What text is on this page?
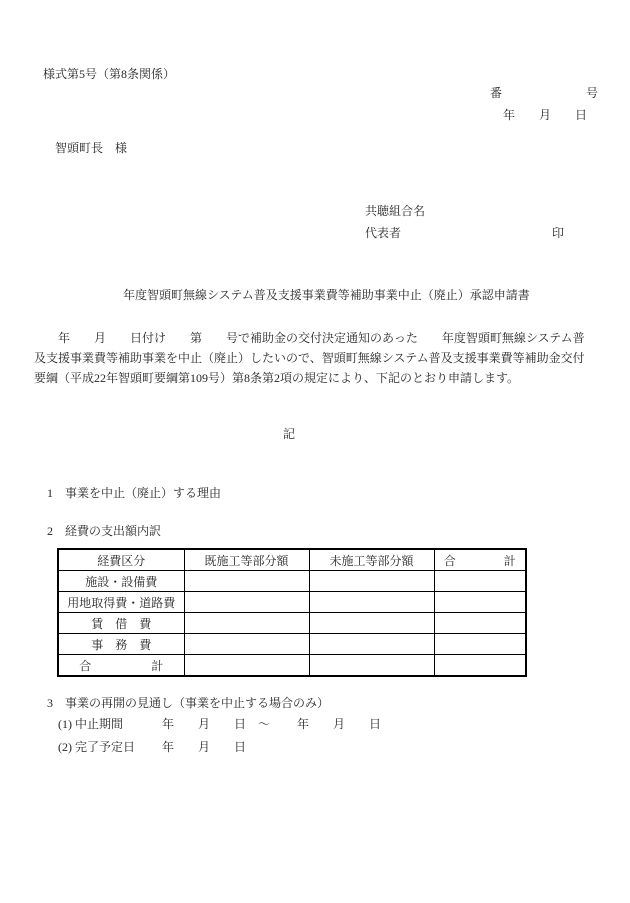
様式第5号（第8条関係）
番　　　　　　　号
年　　月　　日
智頭町長　様
共聴組合名
代表者	印
年度智頭町無線システム普及支援事業費等補助事業中止（廃止）承認申請書
　　年　　月　　日付け　　第　　号で補助金の交付決定通知のあった　　年度智頭町無線システム普
及支援事業費等補助事業を中止（廃止）したいので、智頭町無線システム普及支援事業費等補助金交付
要綱（平成22年智頭町要綱第109号）第8条第2項の規定により、下記のとおり申請します。
記
1　事業を中止（廃止）する理由
2　経費の支出額内訳
経費区分	既施工等部分額	未施工等部分額	合　　　　計
施設・設備費			
用地取得費・道路費			
賃　借　費			
事　務　費			
合　　　　　計			
3　事業の再開の見通し（事業を中止する場合のみ）
(1) 中止期間　　　 年　　月　　日　～　　 年　　月　　日
(2) 完了予定日　　 年　　月　　日
